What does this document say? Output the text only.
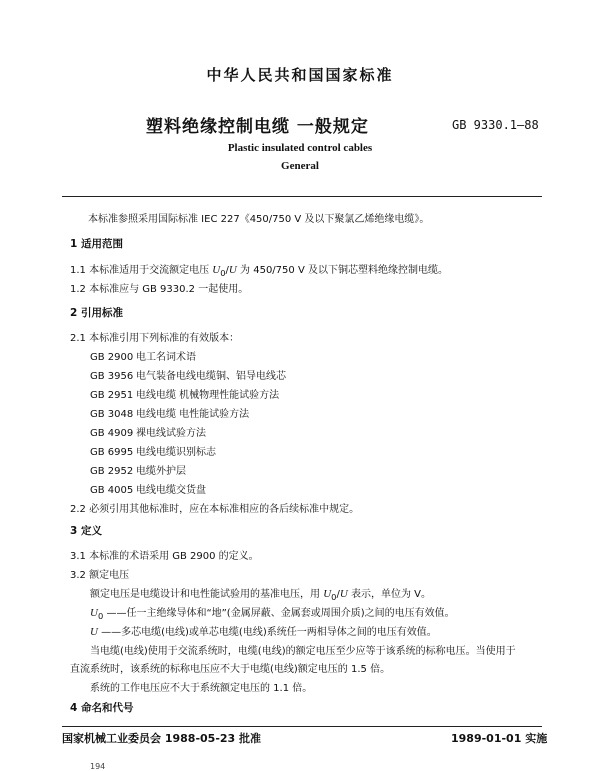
中华人民共和国国家标准
塑料绝缘控制电缆 一般规定	GB 9330.1—88
Plastic insulated control cables
General
本标准参照采用国际标准 IEC 227《450/750 V 及以下聚氯乙烯绝缘电缆》。
1 适用范围
1.1 本标准适用于交流额定电压 $U_0/U$ 为 450/750 V 及以下铜芯塑料绝缘控制电缆。
1.2 本标准应与 GB 9330.2 一起使用。
2 引用标准
2.1 本标准引用下列标准的有效版本：
GB 2900 电工名词术语
GB 3956 电气装备电线电缆铜、铝导电线芯
GB 2951 电线电缆 机械物理性能试验方法
GB 3048 电线电缆 电性能试验方法
GB 4909 裸电线试验方法
GB 6995 电线电缆识别标志
GB 2952 电缆外护层
GB 4005 电线电缆交货盘
2.2 必须引用其他标准时，应在本标准相应的各后续标准中规定。
3 定义
3.1 本标准的术语采用 GB 2900 的定义。
3.2 额定电压
额定电压是电缆设计和电性能试验用的基准电压，用 $U_0/U$ 表示，单位为 V。
$U_0$ ——任一主绝缘导体和“地”(金属屏蔽、金属套或周围介质)之间的电压有效值。
U ——多芯电缆(电线)或单芯电缆(电线)系统任一两相导体之间的电压有效值。
当电缆(电线)使用于交流系统时，电缆(电线)的额定电压至少应等于该系统的标称电压。当使用于
直流系统时，该系统的标称电压应不大于电缆(电线)额定电压的 1.5 倍。
系统的工作电压应不大于系统额定电压的 1.1 倍。
4 命名和代号
国家机械工业委员会 1988-05-23 批准	1989-01-01 实施
194
